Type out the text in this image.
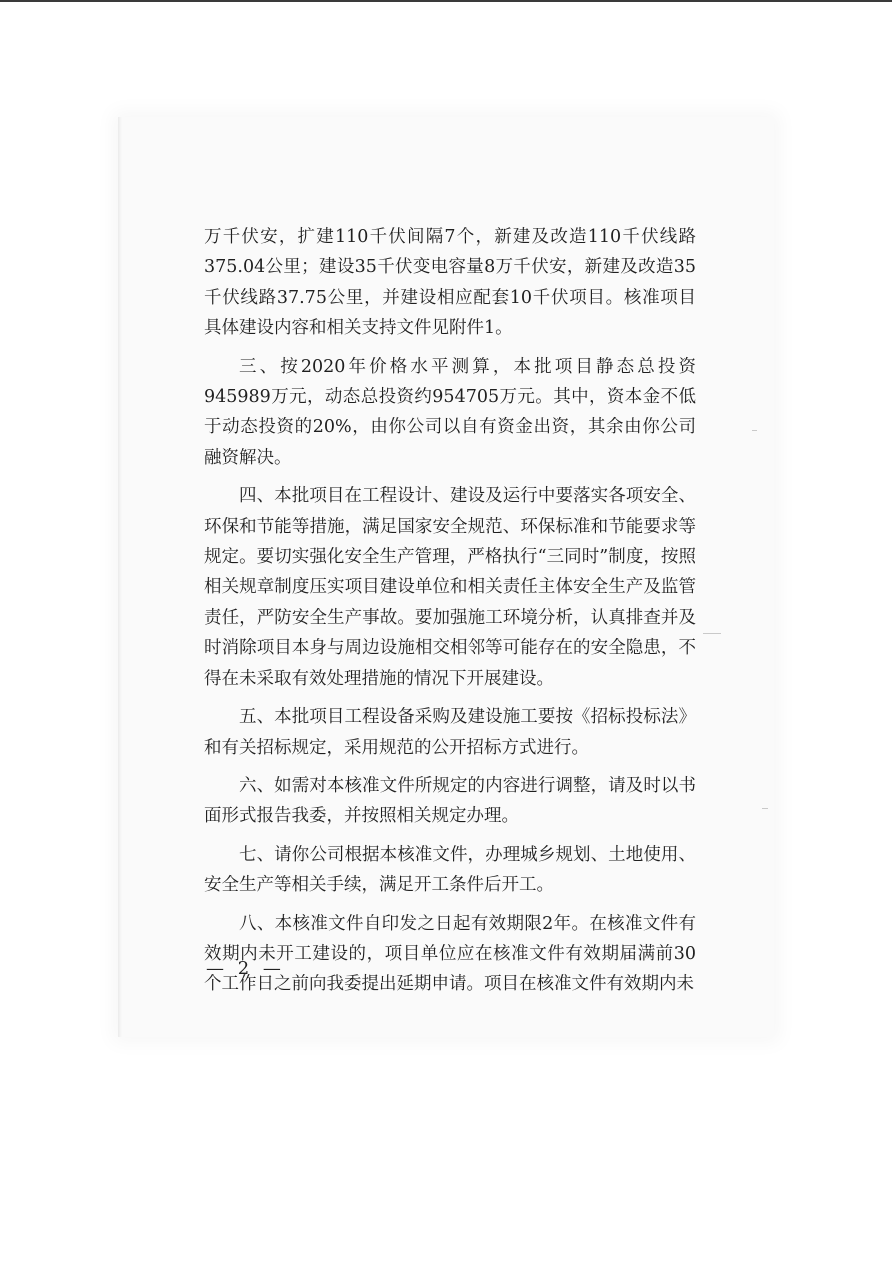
万千伏安，扩建110千伏间隔7个，新建及改造110千伏线路375.04公里；建设35千伏变电容量8万千伏安，新建及改造35千伏线路37.75公里，并建设相应配套10千伏项目。核准项目具体建设内容和相关支持文件见附件1。

三、按2020年价格水平测算，本批项目静态总投资945989万元，动态总投资约954705万元。其中，资本金不低于动态投资的20%，由你公司以自有资金出资，其余由你公司融资解决。

四、本批项目在工程设计、建设及运行中要落实各项安全、环保和节能等措施，满足国家安全规范、环保标准和节能要求等规定。要切实强化安全生产管理，严格执行“三同时”制度，按照相关规章制度压实项目建设单位和相关责任主体安全生产及监管责任，严防安全生产事故。要加强施工环境分析，认真排查并及时消除项目本身与周边设施相交相邻等可能存在的安全隐患，不得在未采取有效处理措施的情况下开展建设。

五、本批项目工程设备采购及建设施工要按《招标投标法》和有关招标规定，采用规范的公开招标方式进行。

六、如需对本核准文件所规定的内容进行调整，请及时以书面形式报告我委，并按照相关规定办理。

七、请你公司根据本核准文件，办理城乡规划、土地使用、安全生产等相关手续，满足开工条件后开工。

八、本核准文件自印发之日起有效期限2年。在核准文件有效期内未开工建设的，项目单位应在核准文件有效期届满前30个工作日之前向我委提出延期申请。项目在核准文件有效期内未

— 2 —
